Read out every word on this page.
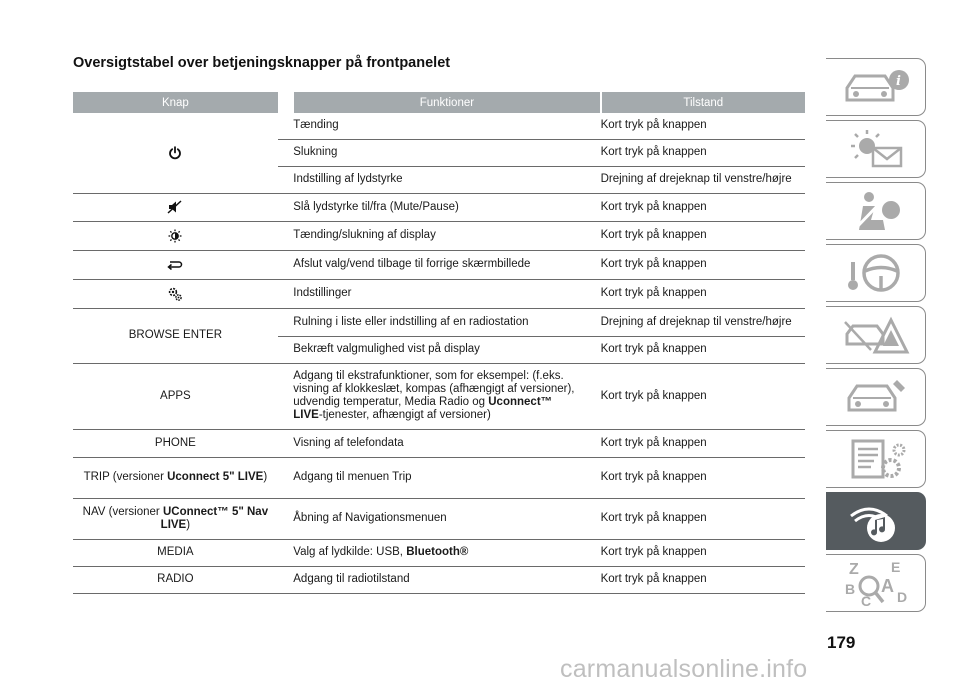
Oversigtstabel over betjeningsknapper på frontpanelet
Knap		Funktioner	Tilstand

		Tænding	Kort tryk på knappen
		Slukning	Kort tryk på knappen
		Indstilling af lydstyrke	Drejning af drejeknap til venstre/højre

		Slå lydstyrke til/fra (Mute/Pause)	Kort tryk på knappen

		Tænding/slukning af display	Kort tryk på knappen

		Afslut valg/vend tilbage til forrige skærmbillede	Kort tryk på knappen

		Indstillinger	Kort tryk på knappen
BROWSE ENTER		Rulning i liste eller indstilling af en radiostation	Drejning af drejeknap til venstre/højre
		Bekræft valgmulighed vist på display	Kort tryk på knappen
APPS		Adgang til ekstrafunktioner, som for eksempel: (f.eks. visning af klokkeslæt, kompas (afhængigt af versioner), udvendig temperatur, Media Radio og Uconnect™ LIVE-tjenester, afhængigt af versioner)	Kort tryk på knappen
PHONE		Visning af telefondata	Kort tryk på knappen
TRIP (versioner Uconnect 5" LIVE)		Adgang til menuen Trip	Kort tryk på knappen
NAV (versioner UConnect™ 5" Nav LIVE)		Åbning af Navigationsmenuen	Kort tryk på knappen
MEDIA		Valg af lydkilde: USB, Bluetooth®	Kort tryk på knappen
RADIO		Adgang til radiotilstand	Kort tryk på knappen
i
Z E
B A
C D
179
carmanualsonline.info
